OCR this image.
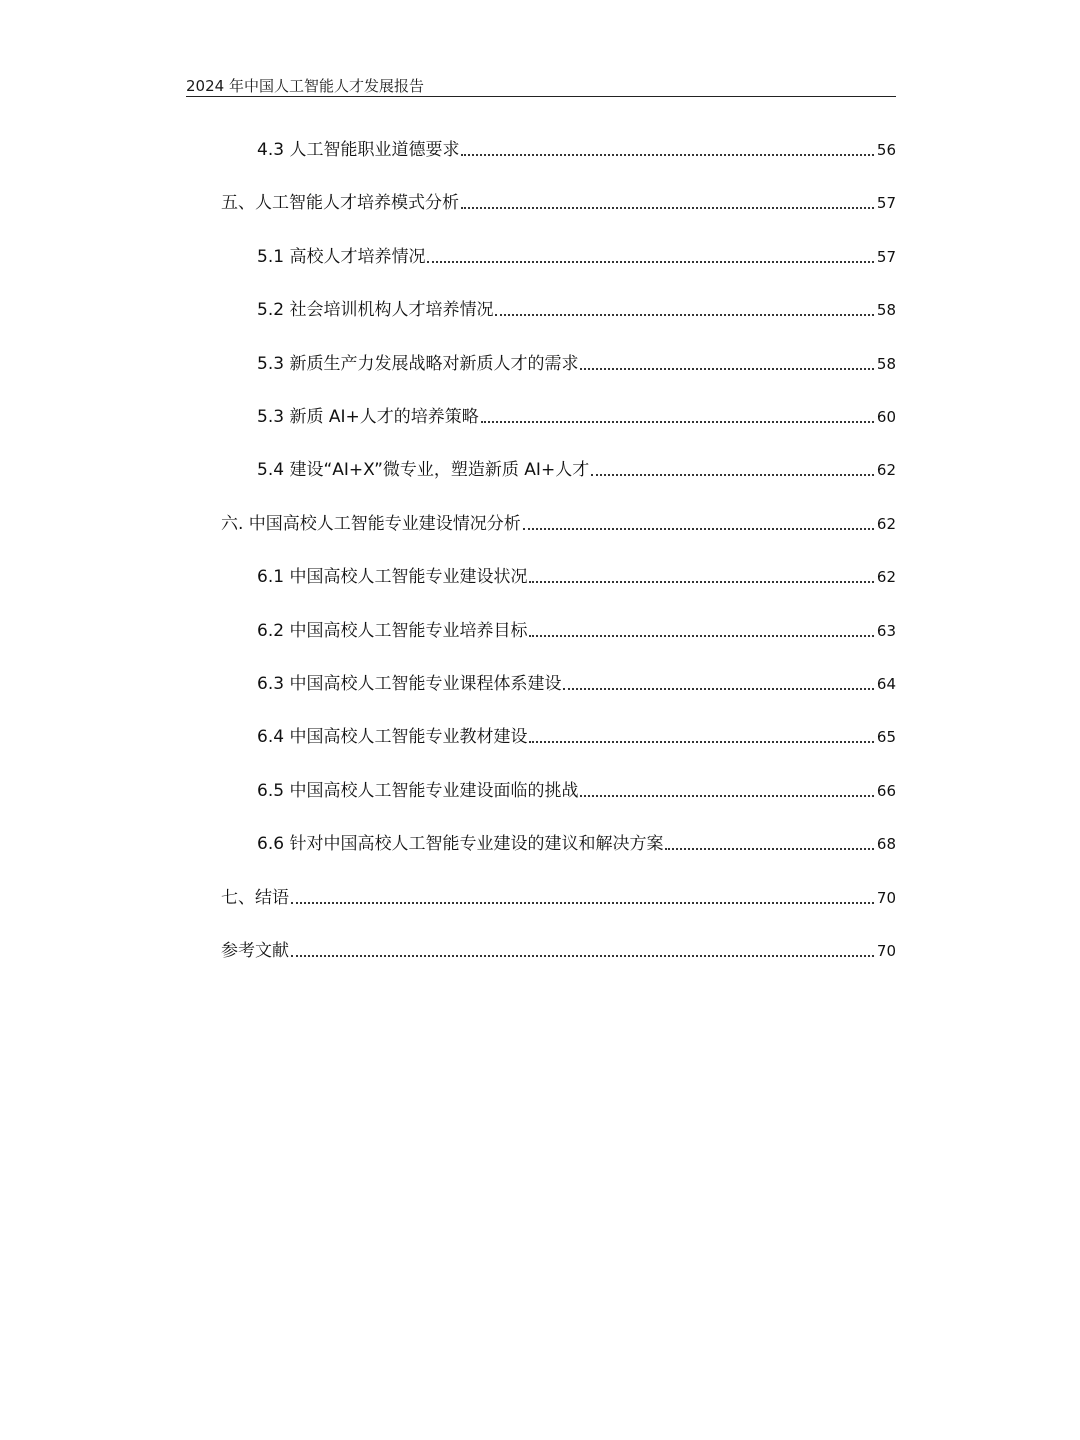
2024 年中国人工智能人才发展报告
4.3 人工智能职业道德要求	56
五、人工智能人才培养模式分析	57
5.1 高校人才培养情况	57
5.2 社会培训机构人才培养情况	58
5.3 新质生产力发展战略对新质人才的需求	58
5.3 新质 AI+人才的培养策略	60
5.4 建设“AI+X”微专业，塑造新质 AI+人才	62
六. 中国高校人工智能专业建设情况分析	62
6.1 中国高校人工智能专业建设状况	62
6.2 中国高校人工智能专业培养目标	63
6.3 中国高校人工智能专业课程体系建设	64
6.4 中国高校人工智能专业教材建设	65
6.5 中国高校人工智能专业建设面临的挑战	66
6.6 针对中国高校人工智能专业建设的建议和解决方案	68
七、结语	70
参考文献	70
